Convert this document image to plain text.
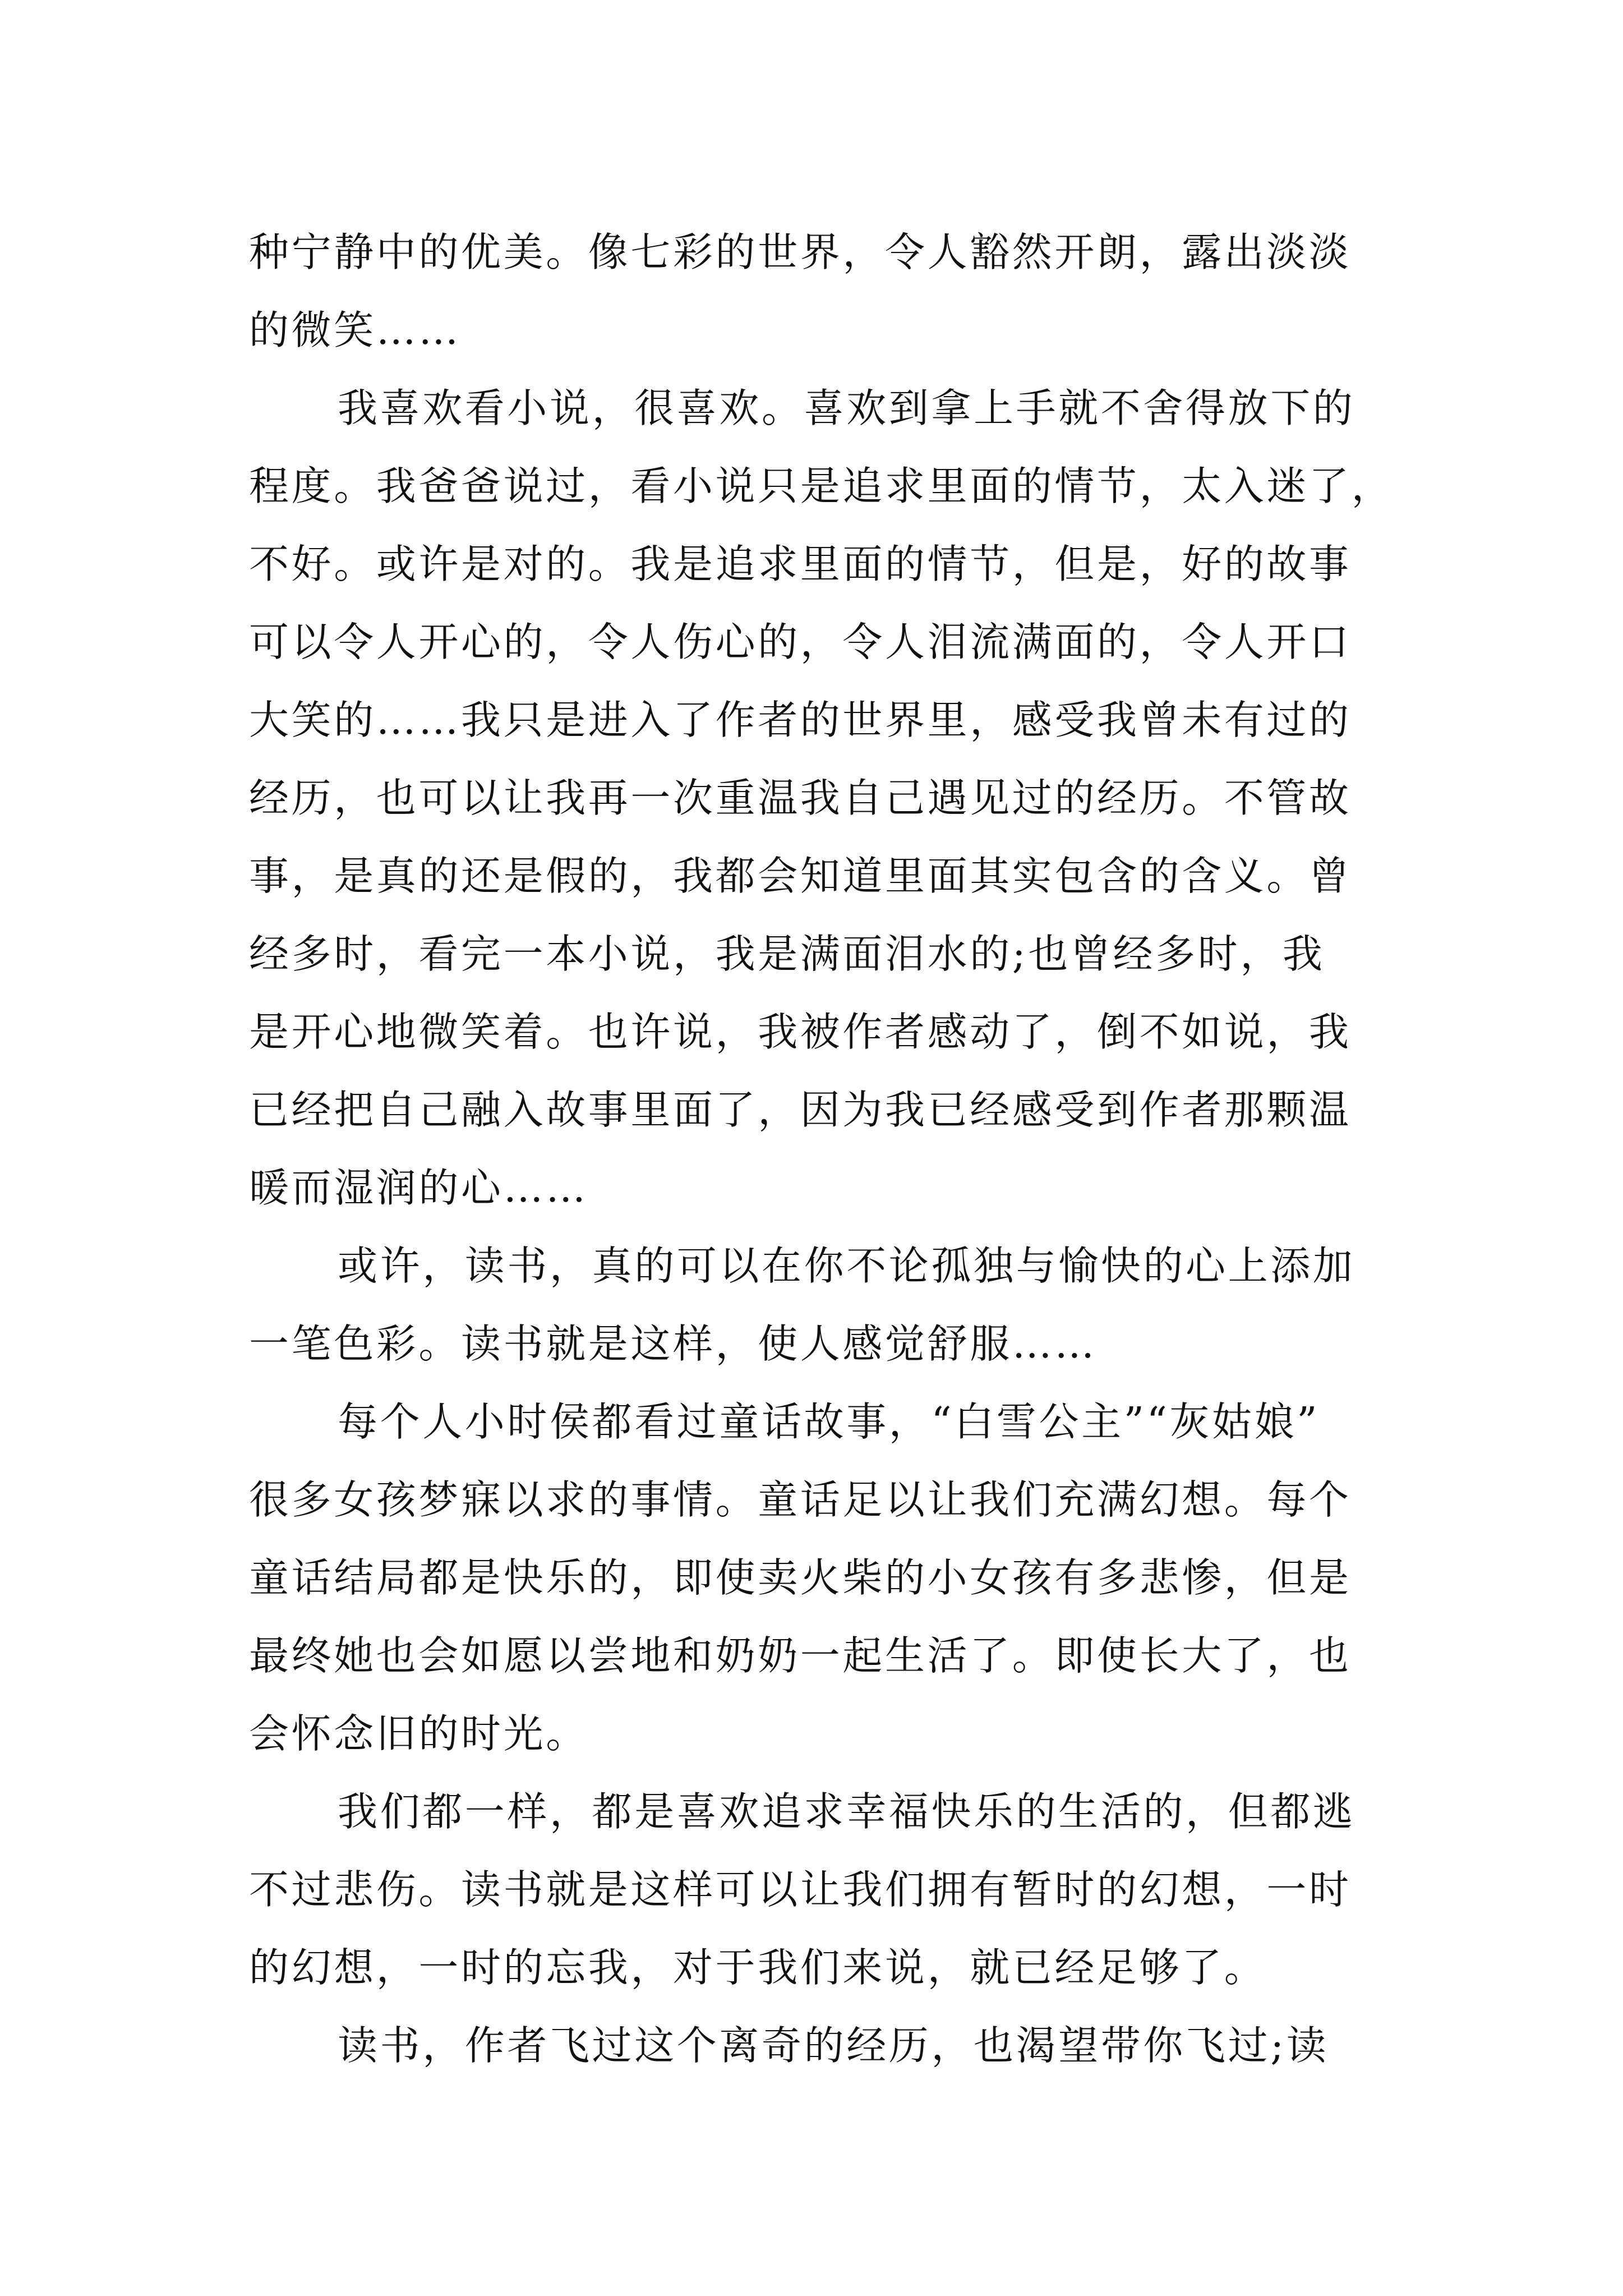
种宁静中的优美。像七彩的世界，令人豁然开朗，露出淡淡
的微笑……
我喜欢看小说，很喜欢。喜欢到拿上手就不舍得放下的
程度。我爸爸说过，看小说只是追求里面的情节，太入迷了，
不好。或许是对的。我是追求里面的情节，但是，好的故事
可以令人开心的，令人伤心的，令人泪流满面的，令人开口
大笑的……我只是进入了作者的世界里，感受我曾未有过的
经历，也可以让我再一次重温我自己遇见过的经历。不管故
事，是真的还是假的，我都会知道里面其实包含的含义。曾
经多时，看完一本小说，我是满面泪水的;也曾经多时，我
是开心地微笑着。也许说，我被作者感动了，倒不如说，我
已经把自己融入故事里面了，因为我已经感受到作者那颗温
暖而湿润的心……
或许，读书，真的可以在你不论孤独与愉快的心上添加
一笔色彩。读书就是这样，使人感觉舒服……
每个人小时侯都看过童话故事，“白雪公主”“灰姑娘”
很多女孩梦寐以求的事情。童话足以让我们充满幻想。每个
童话结局都是快乐的，即使卖火柴的小女孩有多悲惨，但是
最终她也会如愿以尝地和奶奶一起生活了。即使长大了，也
会怀念旧的时光。
我们都一样，都是喜欢追求幸福快乐的生活的，但都逃
不过悲伤。读书就是这样可以让我们拥有暂时的幻想，一时
的幻想，一时的忘我，对于我们来说，就已经足够了。
读书，作者飞过这个离奇的经历，也渴望带你飞过;读
